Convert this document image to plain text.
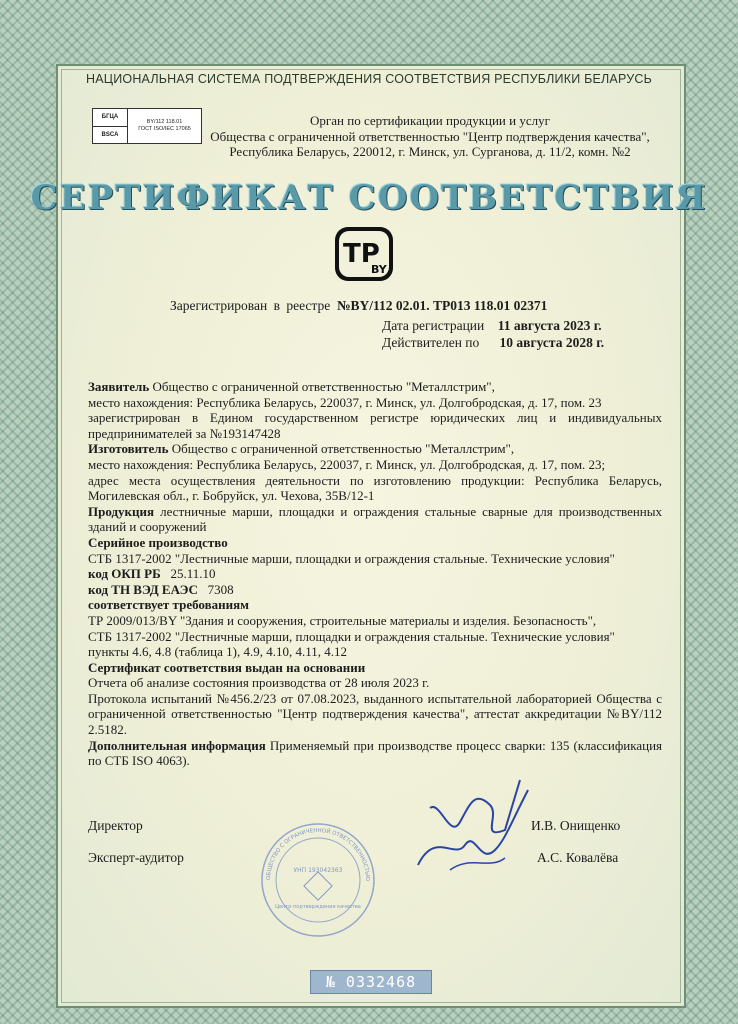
НАЦИОНАЛЬНАЯ СИСТЕМА ПОДТВЕРЖДЕНИЯ СООТВЕТСТВИЯ РЕСПУБЛИКИ БЕЛАРУСЬ
БГЦА
BSCA
BY/112 118.01
ГОСТ ISO/IEC 17065
Орган по сертификации продукции и услуг
Общества с ограниченной ответственностью "Центр подтверждения качества",
Республика Беларусь, 220012, г. Минск, ул. Сурганова, д. 11/2, комн. №2
СЕРТИФИКАТ СООТВЕТСТВИЯ
ТР
BY
Зарегистрирован в реестре №BY/112 02.01. ТР013 118.01 02371
Дата регистрации 11 августа 2023 г.
Действителен по 10 августа 2028 г.

Заявитель Общество с ограниченной ответственностью "Металлстрим",

место нахождения: Республика Беларусь, 220037, г. Минск, ул. Долгобродская, д. 17, пом. 23

зарегистрирован в Едином государственном регистре юридических лиц и индивидуальных предпринимателей за №193147428

Изготовитель Общество с ограниченной ответственностью "Металлстрим",

место нахождения: Республика Беларусь, 220037, г. Минск, ул. Долгобродская, д. 17, пом. 23;

адрес места осуществления деятельности по изготовлению продукции: Республика Беларусь, Могилевская обл., г. Бобруйск, ул. Чехова, 35В/12-1

Продукция лестничные марши, площадки и ограждения стальные сварные для производственных зданий и сооружений

Серийное производство

СТБ 1317-2002 "Лестничные марши, площадки и ограждения стальные. Технические условия"

код ОКП РБ 25.11.10

код ТН ВЭД ЕАЭС 7308

соответствует требованиям

ТР 2009/013/BY "Здания и сооружения, строительные материалы и изделия. Безопасность",

СТБ 1317-2002 "Лестничные марши, площадки и ограждения стальные. Технические условия"

пункты 4.6, 4.8 (таблица 1), 4.9, 4.10, 4.11, 4.12

Сертификат соответствия выдан на основании

Отчета об анализе состояния производства от 28 июля 2023 г.

Протокола испытаний №456.2/23 от 07.08.2023, выданного испытательной лабораторией Общества с ограниченной ответственностью "Центр подтверждения качества", аттестат аккредитации №BY/112 2.5182.

Дополнительная информация Применяемый при производстве процесс сварки: 135 (классификация по СТБ ISO 4063).

ОБЩЕСТВО С ОГРАНИЧЕННОЙ ОТВЕТСТВЕННОСТЬЮ
УНП 193042363
Центр подтверждения качества
Директор	И.В. Онищенко
Эксперт-аудитор	А.С. Ковалёва
№ 0332468
